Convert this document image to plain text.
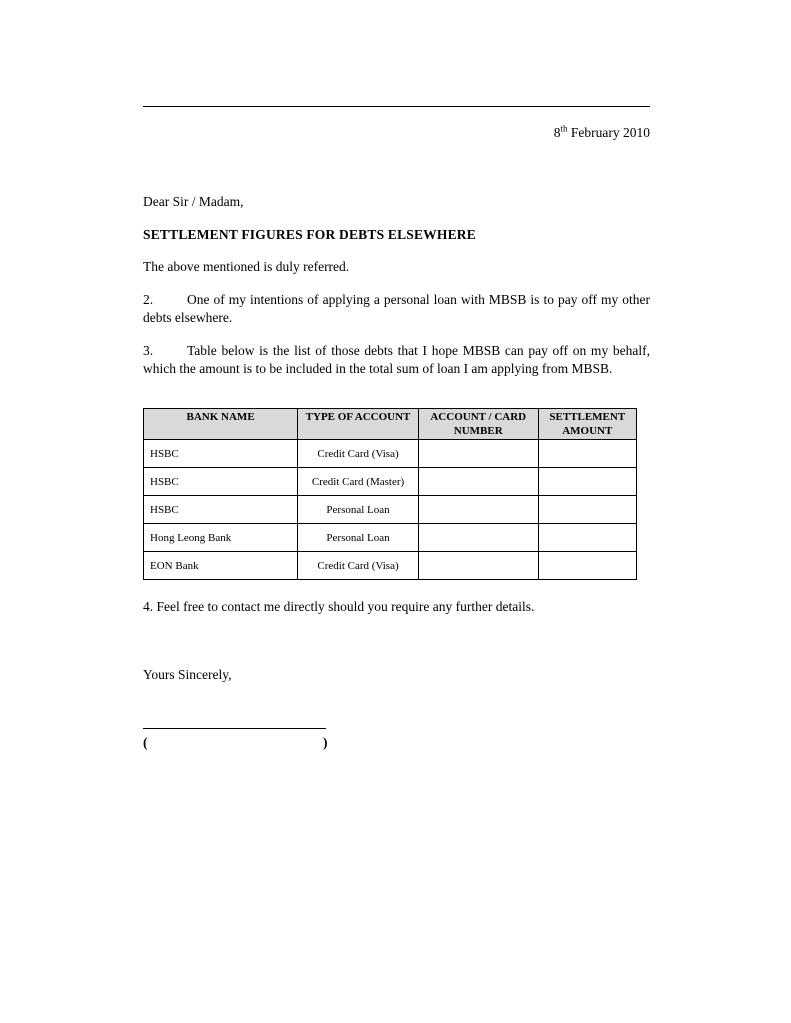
8th February 2010

Dear Sir / Madam,

SETTLEMENT FIGURES FOR DEBTS ELSEWHERE

The above mentioned is duly referred.

2.	One of my intentions of applying a personal loan with MBSB is to pay off my other debts elsewhere.

3.	Table below is the list of those debts that I hope MBSB can pay off on my behalf, which the amount is to be included in the total sum of loan I am applying from MBSB.

BANK NAME	TYPE OF ACCOUNT	ACCOUNT / CARD NUMBER	SETTLEMENT AMOUNT
HSBC	Credit Card (Visa)		
HSBC	Credit Card (Master)		
HSBC	Personal Loan		
Hong Leong Bank	Personal Loan		
EON Bank	Credit Card (Visa)		

4. Feel free to contact me directly should you require any further details.

Yours Sincerely,

(	)
